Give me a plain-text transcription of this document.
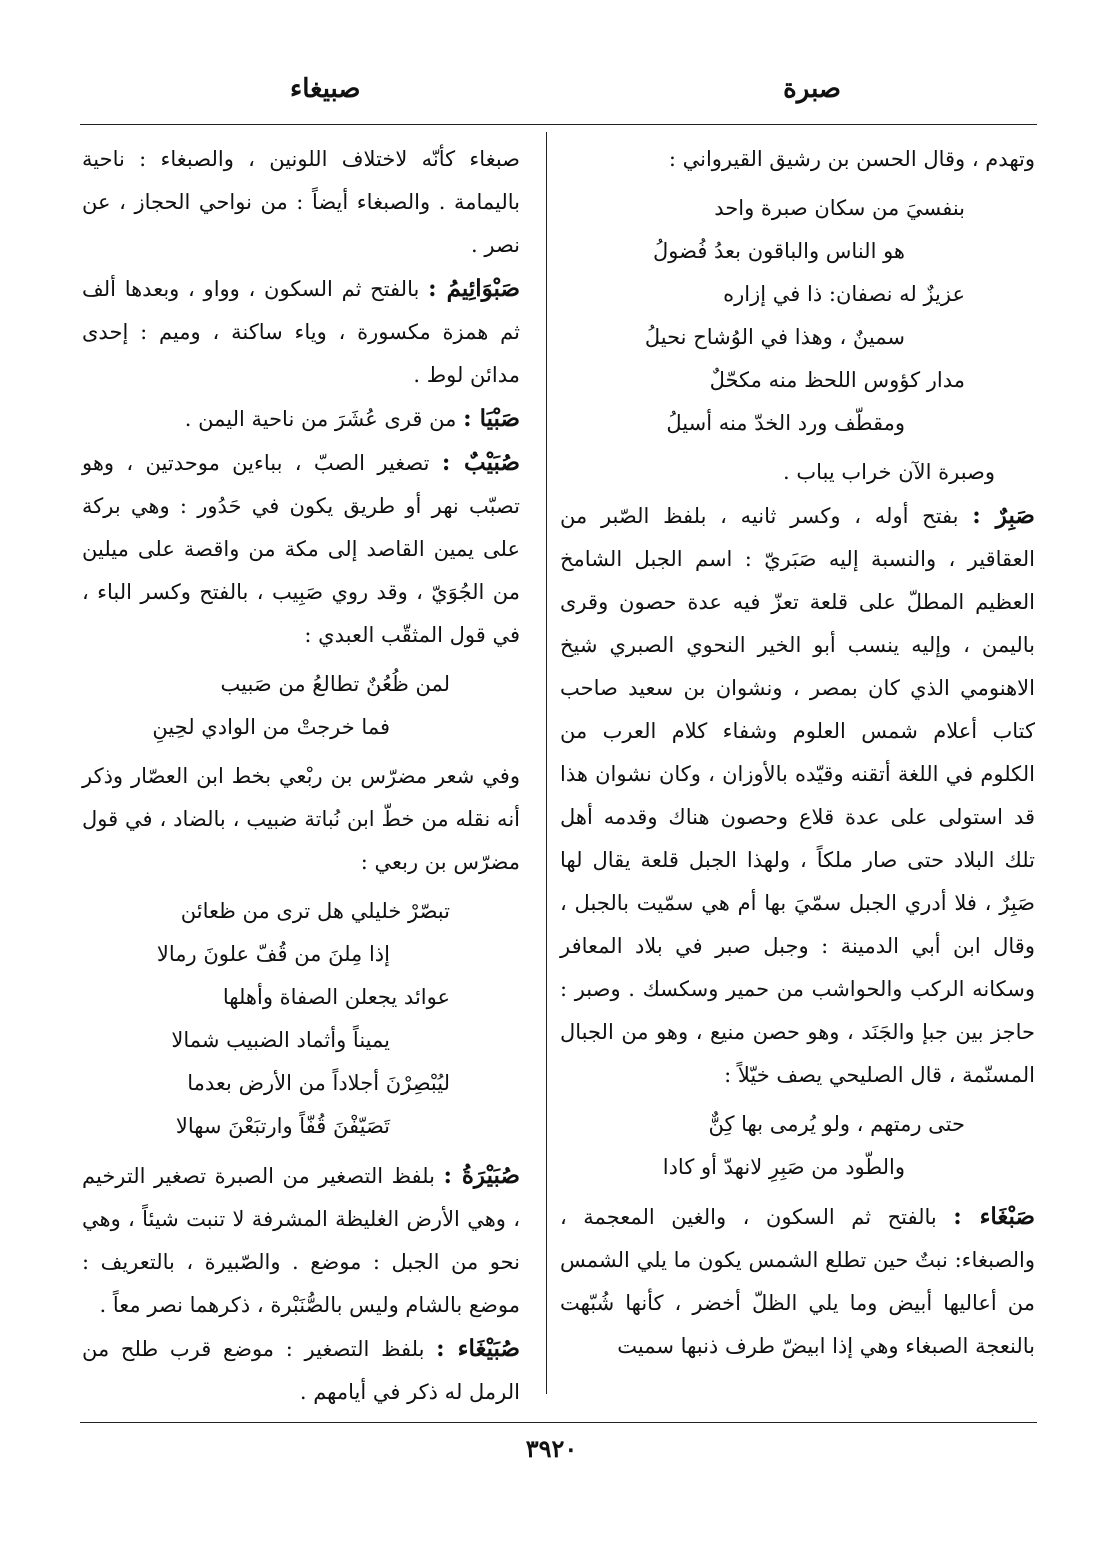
صبرة
صبيغاء

وتهدم ، وقال الحسن بن رشيق القيرواني :

بنفسيَ من سكان صبرة واحد
هو الناس والباقون بعدُ فُضولُ
عزيزٌ له نصفان: ذا في إزاره
سمينٌ ، وهذا في الوُشاح نحيلُ
مدار كؤوس اللحظ منه مكحّلٌ
ومقطّف ورد الخدّ منه أسيلُ

وصبرة الآن خراب يباب .

صَبِرٌ : بفتح أوله ، وكسر ثانيه ، بلفظ الصّبر من العقاقير ، والنسبة إليه صَبَريّ : اسم الجبل الشامخ العظيم المطلّ على قلعة تعزّ فيه عدة حصون وقرى باليمن ، وإليه ينسب أبو الخير النحوي الصبري شيخ الاهنومي الذي كان بمصر ، ونشوان بن سعيد صاحب كتاب أعلام شمس العلوم وشفاء كلام العرب من الكلوم في اللغة أتقنه وقيّده بالأوزان ، وكان نشوان هذا قد استولى على عدة قلاع وحصون هناك وقدمه أهل تلك البلاد حتى صار ملكاً ، ولهذا الجبل قلعة يقال لها صَبِرٌ ، فلا أدري الجبل سمّيَ بها أم هي سمّيت بالجبل ، وقال ابن أبي الدمينة : وجبل صبر في بلاد المعافر وسكانه الركب والحواشب من حمير وسكسك . وصبر : حاجز بين جبإ والجَنَد ، وهو حصن منيع ، وهو من الجبال المسنّمة ، قال الصليحي يصف خيّلاً :

حتى رمتهم ، ولو يُرمى بها كِنٌّ
والطّود من صَبِرِ لانهدّ أو كادا

صَبْغَاء : بالفتح ثم السكون ، والغين المعجمة ، والصبغاء: نبتٌ حين تطلع الشمس يكون ما يلي الشمس من أعاليها أبيض وما يلي الظلّ أخضر ، كأنها شُبّهت بالنعجة الصبغاء وهي إذا ابيضّ طرف ذنبها سميت

صبغاء كأنّه لاختلاف اللونين ، والصبغاء : ناحية باليمامة . والصبغاء أيضاً : من نواحي الحجاز ، عن نصر .

صَبْوَائِيمُ : بالفتح ثم السكون ، وواو ، وبعدها ألف ثم همزة مكسورة ، وياء ساكنة ، وميم : إحدى مدائن لوط .

صَبْيَا : من قرى عُشَرَ من ناحية اليمن .

صُبَيْبٌ : تصغير الصبّ ، بباءين موحدتين ، وهو تصبّب نهر أو طريق يكون في حَدُور : وهي بركة على يمين القاصد إلى مكة من واقصة على ميلين من الجُوَيّ ، وقد روي صَبِيب ، بالفتح وكسر الباء ، في قول المثقّب العبدي :

لمن ظُعُنٌ تطالعُ من صَبيب
فما خرجتْ من الوادي لحِينِ

وفي شعر مضرّس بن ربْعي بخط ابن العصّار وذكر أنه نقله من خطّ ابن نُباتة ضبيب ، بالضاد ، في قول مضرّس بن ربعي :

تبصّرْ خليلي هل ترى من ظعائن
إذا مِلنَ من قُفّ علونَ رمالا
عوائد يجعلن الصفاة وأهلها
يميناً وأثماد الضبيب شمالا
ليُبْصِرْنَ أجلاداً من الأرض بعدما
تَصَيّفْنَ قُفّاً وارتبَعْنَ سهالا

صُبَيْرَةُ : بلفظ التصغير من الصبرة تصغير الترخيم ، وهي الأرض الغليظة المشرفة لا تنبت شيئاً ، وهي نحو من الجبل : موضع . والصّبيرة ، بالتعريف : موضع بالشام وليس بالصُّنَبْرة ، ذكرهما نصر معاً .

صُبَيْغَاء : بلفظ التصغير : موضع قرب طلح من الرمل له ذكر في أيامهم .

٣٩٢٠
